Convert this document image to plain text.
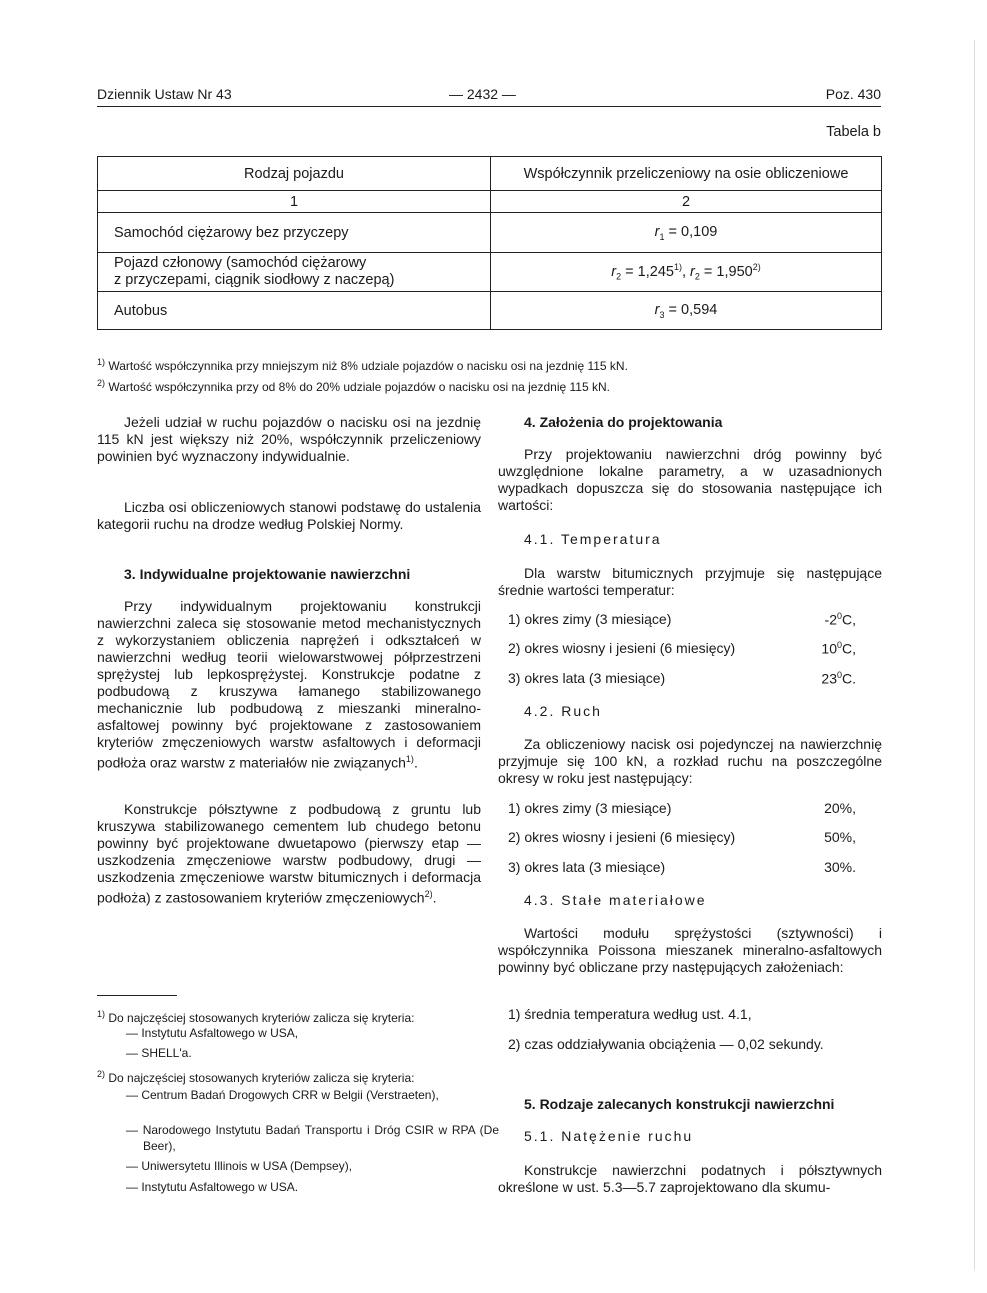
Dziennik Ustaw Nr 43	— 2432 —	Poz. 430
Tabela b
Rodzaj pojazdu	Współczynnik przeliczeniowy na osie obliczeniowe
1	2
Samochód ciężarowy bez przyczepy	$r_1 = 0,109$
Pojazd członowy (samochód ciężarowy
z przyczepami, ciągnik siodłowy z naczepą)	$r_2 = 1,245^{1)}$, $r_2 = 1,950^{2)}$
Autobus	$r_3 = 0,594$
$^{1)}$ Wartość współczynnika przy mniejszym niż 8% udziale pojazdów o nacisku osi na jezdnię 115 kN.
$^{2)}$ Wartość współczynnika przy od 8% do 20% udziale pojazdów o nacisku osi na jezdnię 115 kN.
Jeżeli udział w ruchu pojazdów o nacisku osi na jezdnię 115 kN jest większy niż 20%, współczynnik przeliczeniowy powinien być wyznaczony indywidualnie.
Liczba osi obliczeniowych stanowi podstawę do ustalenia kategorii ruchu na drodze według Polskiej Normy.
3. Indywidualne projektowanie nawierzchni
Przy indywidualnym projektowaniu konstrukcji nawierzchni zaleca się stosowanie metod mechanistycznych z wykorzystaniem obliczenia naprężeń i odkształceń w nawierzchni według teorii wielowarstwowej półprzestrzeni sprężystej lub lepkosprężystej. Konstrukcje podatne z podbudową z kruszywa łamanego stabilizowanego mechanicznie lub podbudową z mieszanki mineralno-asfaltowej powinny być projektowane z zastosowaniem kryteriów zmęczeniowych warstw asfaltowych i deformacji podłoża oraz warstw z materiałów nie związanych$^{1)}$.
Konstrukcje półsztywne z podbudową z gruntu lub kruszywa stabilizowanego cementem lub chudego betonu powinny być projektowane dwuetapowo (pierwszy etap — uszkodzenia zmęczeniowe warstw podbudowy, drugi — uszkodzenia zmęczeniowe warstw bitumicznych i deformacja podłoża) z zastosowaniem kryteriów zmęczeniowych$^{2)}$.
$^{1)}$ Do najczęściej stosowanych kryteriów zalicza się kryteria:
— Instytutu Asfaltowego w USA,
— SHELL'a.
$^{2)}$ Do najczęściej stosowanych kryteriów zalicza się kryteria:
— Centrum Badań Drogowych CRR w Belgii (Verstraeten),
— Narodowego Instytutu Badań Transportu i Dróg CSIR w RPA (De Beer),
— Uniwersytetu Illinois w USA (Dempsey),
— Instytutu Asfaltowego w USA.
4. Założenia do projektowania
Przy projektowaniu nawierzchni dróg powinny być uwzględnione lokalne parametry, a w uzasadnionych wypadkach dopuszcza się do stosowania następujące ich wartości:
4.1. Temperatura
Dla warstw bitumicznych przyjmuje się następujące średnie wartości temperatur:
1) okres zimy (3 miesiące)	$-2^0C$,
2) okres wiosny i jesieni (6 miesięcy)	$10^0C$,
3) okres lata (3 miesiące)	$23^0C$.
4.2. Ruch
Za obliczeniowy nacisk osi pojedynczej na nawierzchnię przyjmuje się 100 kN, a rozkład ruchu na poszczególne okresy w roku jest następujący:
1) okres zimy (3 miesiące)	20%,
2) okres wiosny i jesieni (6 miesięcy)	50%,
3) okres lata (3 miesiące)	30%.
4.3. Stałe materiałowe
Wartości modułu sprężystości (sztywności) i współczynnika Poissona mieszanek mineralno-asfaltowych powinny być obliczane przy następujących założeniach:
1) średnia temperatura według ust. 4.1,
2) czas oddziaływania obciążenia — 0,02 sekundy.
5. Rodzaje zalecanych konstrukcji nawierzchni
5.1. Natężenie ruchu
Konstrukcje nawierzchni podatnych i półsztywnych określone w ust. 5.3—5.7 zaprojektowano dla skumu-
